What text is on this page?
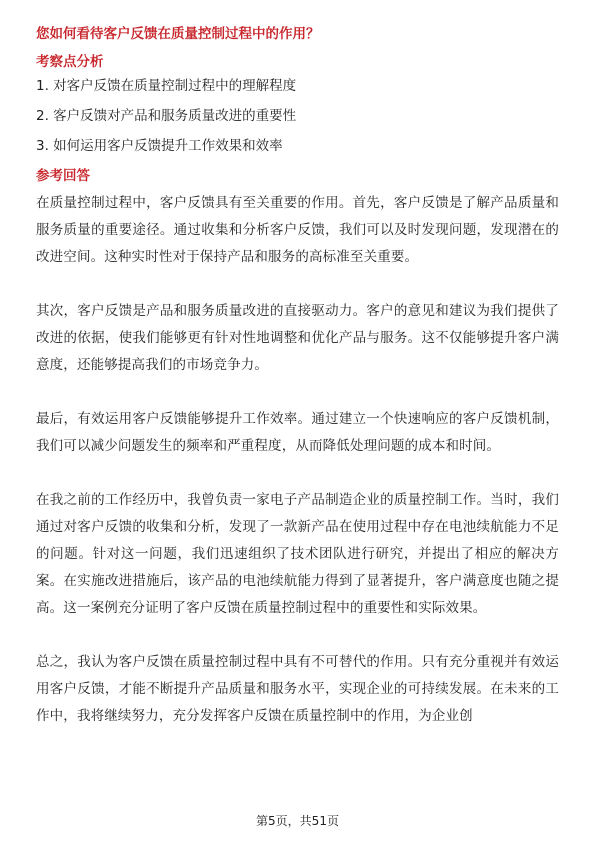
您如何看待客户反馈在质量控制过程中的作用？
考察点分析
1. 对客户反馈在质量控制过程中的理解程度
2. 客户反馈对产品和服务质量改进的重要性
3. 如何运用客户反馈提升工作效果和效率
参考回答

在质量控制过程中，客户反馈具有至关重要的作用。首先，客户反馈是了解产品质量和服务质量的重要途径。通过收集和分析客户反馈，我们可以及时发现问题，发现潜在的改进空间。这种实时性对于保持产品和服务的高标准至关重要。

其次，客户反馈是产品和服务质量改进的直接驱动力。客户的意见和建议为我们提供了改进的依据，使我们能够更有针对性地调整和优化产品与服务。这不仅能够提升客户满意度，还能够提高我们的市场竞争力。

最后，有效运用客户反馈能够提升工作效率。通过建立一个快速响应的客户反馈机制，我们可以减少问题发生的频率和严重程度，从而降低处理问题的成本和时间。

在我之前的工作经历中，我曾负责一家电子产品制造企业的质量控制工作。当时，我们通过对客户反馈的收集和分析，发现了一款新产品在使用过程中存在电池续航能力不足的问题。针对这一问题，我们迅速组织了技术团队进行研究，并提出了相应的解决方案。在实施改进措施后，该产品的电池续航能力得到了显著提升，客户满意度也随之提高。这一案例充分证明了客户反馈在质量控制过程中的重要性和实际效果。

总之，我认为客户反馈在质量控制过程中具有不可替代的作用。只有充分重视并有效运用客户反馈，才能不断提升产品质量和服务水平，实现企业的可持续发展。在未来的工作中，我将继续努力，充分发挥客户反馈在质量控制中的作用，为企业创

第5页，共51页
